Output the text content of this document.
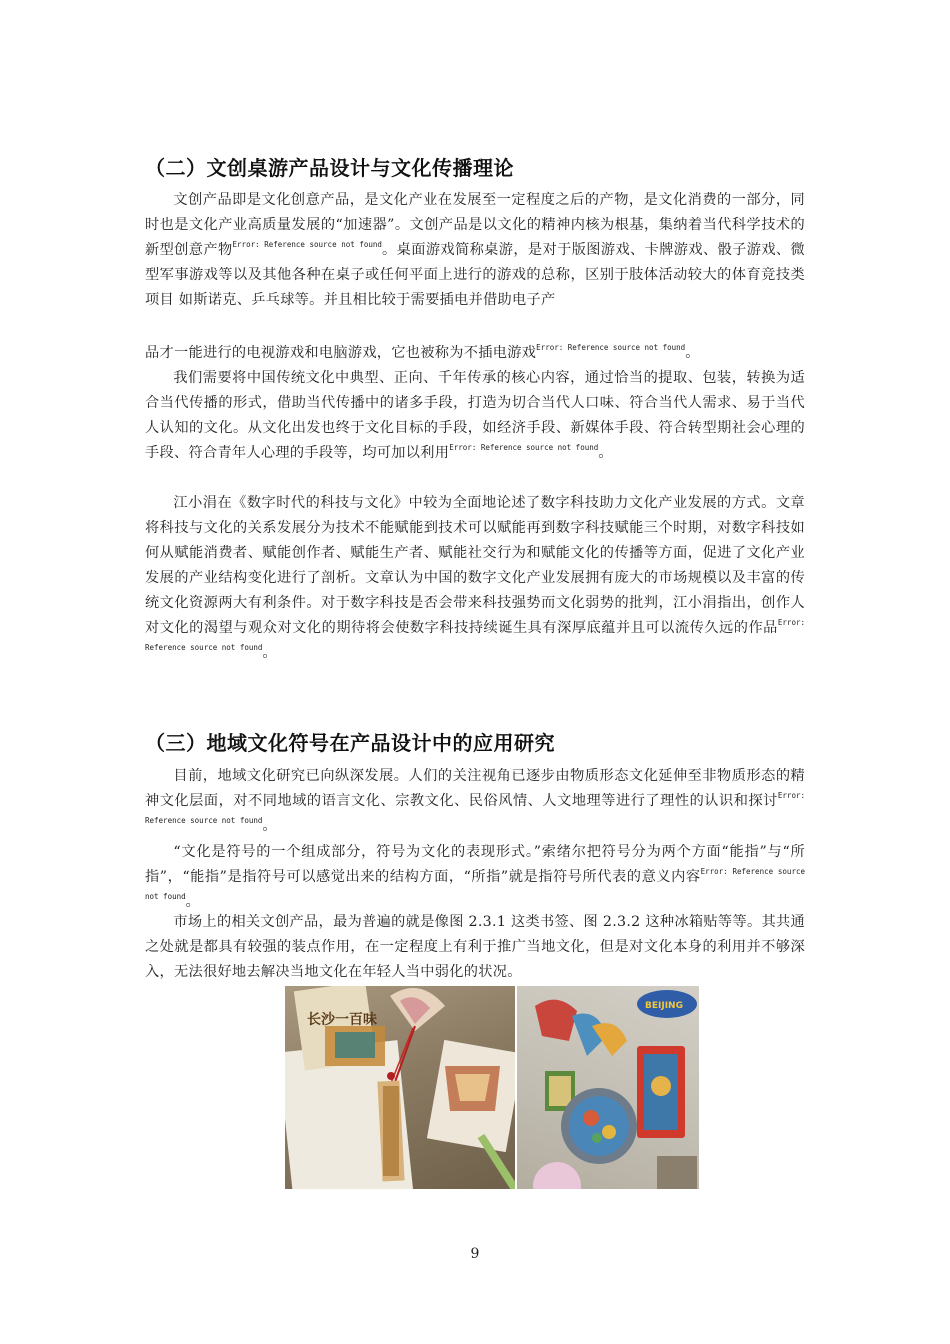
（二）文创桌游产品设计与文化传播理论

文创产品即是文化创意产品，是文化产业在发展至一定程度之后的产物，是文化消费的一部分，同时也是文化产业高质量发展的“加速器”。文创产品是以文化的精神内核为根基，集纳着当代科学技术的新型创意产物$^{Error: Reference source not found}$。桌面游戏简称桌游，是对于版图游戏、卡牌游戏、骰子游戏、微型军事游戏等以及其他各种在桌子或任何平面上进行的游戏的总称，区别于肢体活动较大的体育竞技类项目 如斯诺克、乒乓球等。并且相比较于需要插电并借助电子产

品才一能进行的电视游戏和电脑游戏，它也被称为不插电游戏$^{Error: Reference source not found}$。

我们需要将中国传统文化中典型、正向、千年传承的核心内容，通过恰当的提取、包装，转换为适合当代传播的形式，借助当代传播中的诸多手段，打造为切合当代人口味、符合当代人需求、易于当代人认知的文化。从文化出发也终于文化目标的手段，如经济手段、新媒体手段、符合转型期社会心理的手段、符合青年人心理的手段等，均可加以利用$^{Error: Reference source not found}$。

江小涓在《数字时代的科技与文化》中较为全面地论述了数字科技助力文化产业发展的方式。文章将科技与文化的关系发展分为技术不能赋能到技术可以赋能再到数字科技赋能三个时期，对数字科技如何从赋能消费者、赋能创作者、赋能生产者、赋能社交行为和赋能文化的传播等方面，促进了文化产业发展的产业结构变化进行了剖析。文章认为中国的数字文化产业发展拥有庞大的市场规模以及丰富的传统文化资源两大有利条件。对于数字科技是否会带来科技强势而文化弱势的批判，江小涓指出，创作人对文化的渴望与观众对文化的期待将会使数字科技持续诞生具有深厚底蕴并且可以流传久远的作品$^{Error: Reference source not found}$。

（三）地域文化符号在产品设计中的应用研究

目前，地域文化研究已向纵深发展。人们的关注视角已逐步由物质形态文化延伸至非物质形态的精神文化层面，对不同地域的语言文化、宗教文化、民俗风情、人文地理等进行了理性的认识和探讨$^{Error: Reference source not found}$。

“文化是符号的一个组成部分，符号为文化的表现形式。”索绪尔把符号分为两个方面“能指”与“所指”，“能指”是指符号可以感觉出来的结构方面，“所指”就是指符号所代表的意义内容$^{Error: Reference source not found}$。

市场上的相关文创产品，最为普遍的就是像图 2.3.1 这类书签、图 2.3.2 这种冰箱贴等等。其共通之处就是都具有较强的装点作用，在一定程度上有利于推广当地文化，但是对文化本身的利用并不够深入，无法很好地去解决当地文化在年轻人当中弱化的状况。

长沙一百味
BEIJING
9
